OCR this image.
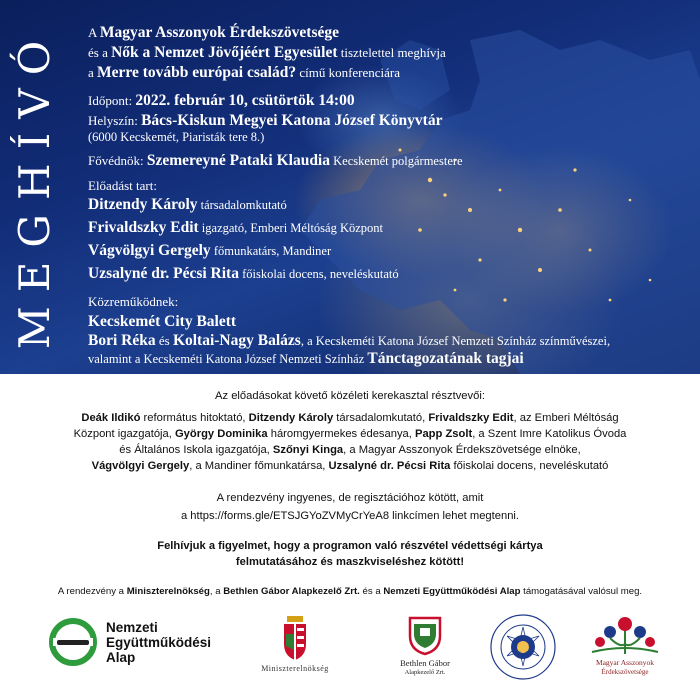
MEGHÍVÓ A Magyar Asszonyok Érdekszövetsége
és a Nők a Nemzet Jövőjéért Egyesület tisztelettel meghívja
a Merre tovább európai család? című konferenciára
Időpont: 2022. február 10, csütörtök 14:00
Helyszín: Bács-Kiskun Megyei Katona József Könyvtár
(6000 Kecskemét, Piaristák tere 8.)
Fővédnök: Szemereyné Pataki Klaudia Kecskemét polgármestere
Előadást tart:
Ditzendy Károly társadalomkutató
Frivaldszky Edit igazgató, Emberi Méltóság Központ
Vágvölgyi Gergely főmunkatárs, Mandiner
Uzsalyné dr. Pécsi Rita főiskolai docens, neveléskutató
Közreműködnek:
Kecskemét City Balett
Bori Réka és Koltai-Nagy Balázs, a Kecskeméti Katona József Nemzeti Színház színművészei,
valamint a Kecskeméti Katona József Nemzeti Színház Tánctagozatának tagjai
Az előadásokat követő közéleti kerekasztal résztvevői:
Deák Ildikó református hitoktató, Ditzendy Károly társadalomkutató, Frivaldszky Edit, az Emberi Méltóság
Központ igazgatója, György Dominika háromgyermekes édesanya, Papp Zsolt, a Szent Imre Katolikus Óvoda
és Általános Iskola igazgatója, Szőnyi Kinga, a Magyar Asszonyok Érdekszövetsége elnöke,
Vágvölgyi Gergely, a Mandiner főmunkatársa, Uzsalyné dr. Pécsi Rita főiskolai docens, neveléskutató
A rendezvény ingyenes, de regisztációhoz kötött, amit
a https://forms.gle/ETSJGYoZVMyCrYeA8 linkcímen lehet megtenni.
Felhívjuk a figyelmet, hogy a programon való részvétel védettségi kártya
felmutatásához és maszkviseléshez kötött!
A rendezvény a Miniszterelnökség, a Bethlen Gábor Alapkezelő Zrt. és a Nemzeti Együttműködési Alap támogatásával valósul meg.
Nemzeti
Együttműködési
Alap
Miniszterelnökség
Bethlen Gábor
Alapkezelő Zrt.
Magyar Asszonyok
Érdekszövetsége
